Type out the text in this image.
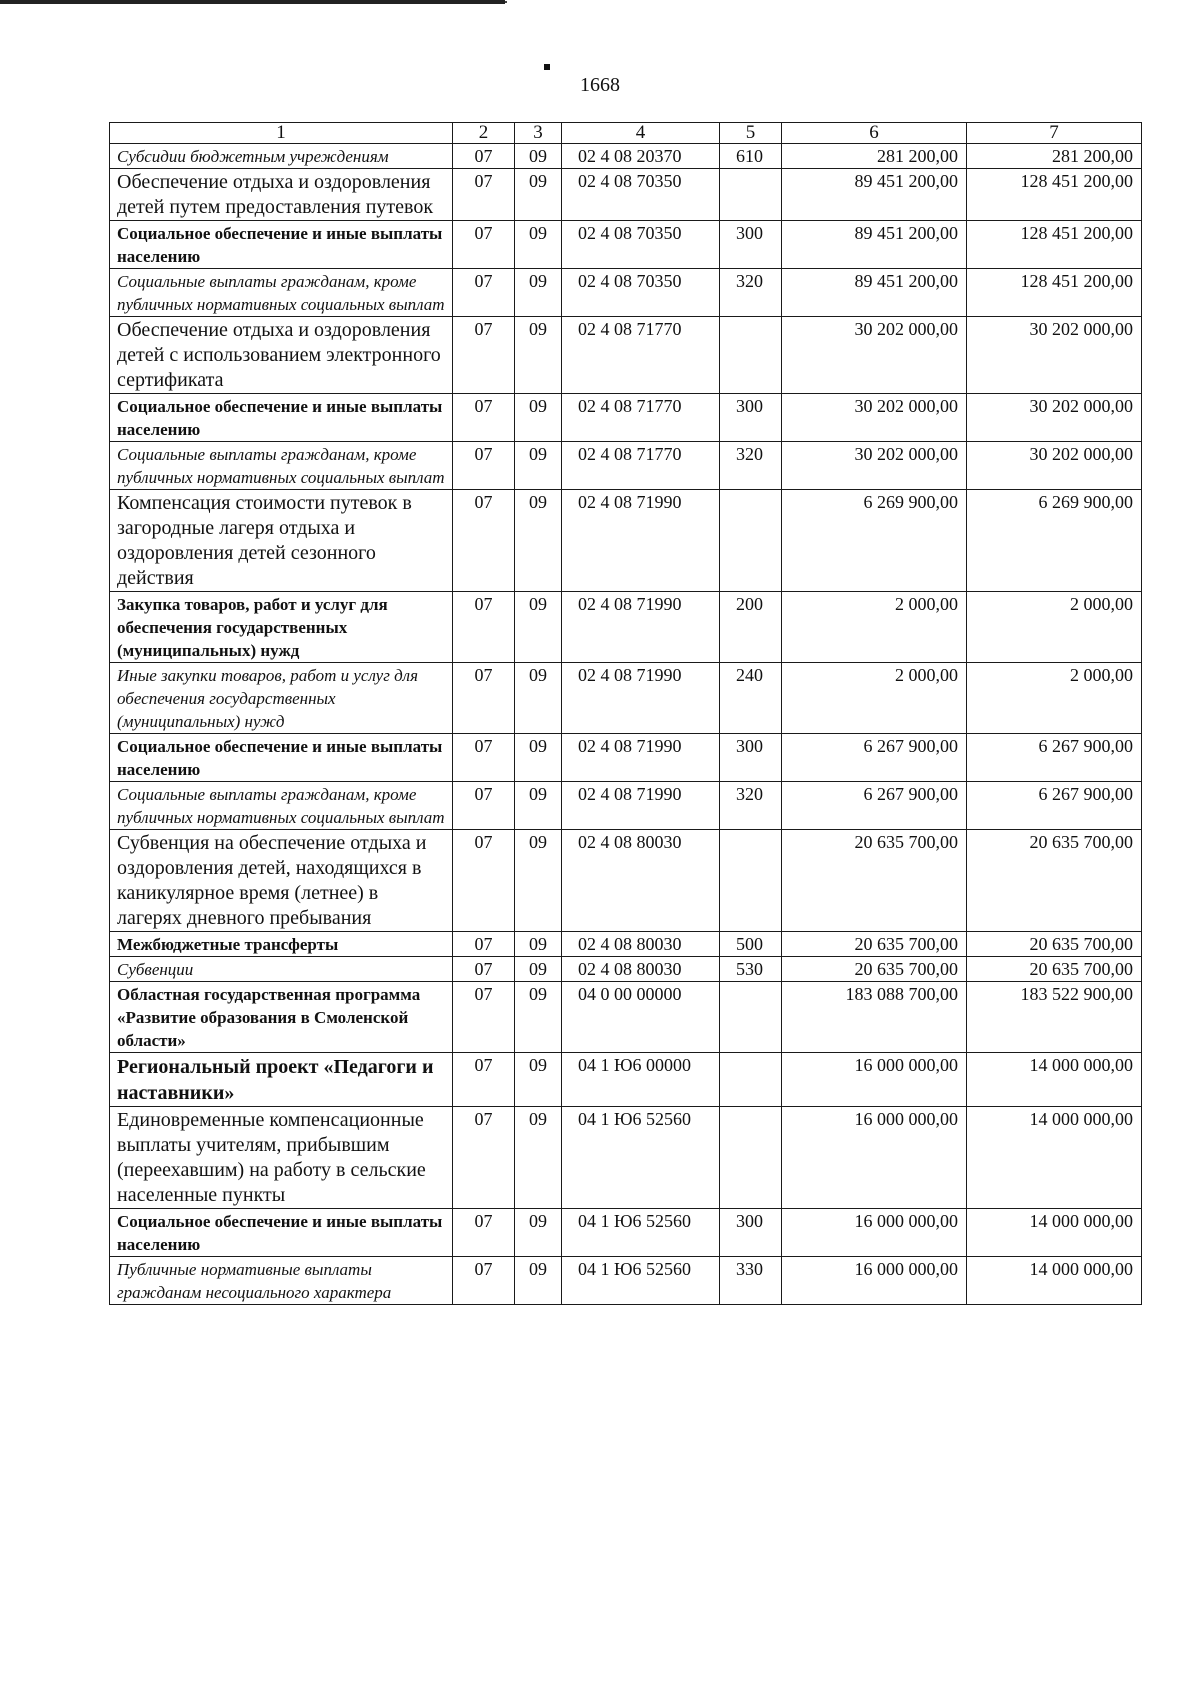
1668
1	2	3	4	5	6	7
Субсидии бюджетным учреждениям	07	09	02 4 08 20370	610	281 200,00	281 200,00
Обеспечение отдыха и оздоровления детей путем предоставления путевок	07	09	02 4 08 70350		89 451 200,00	128 451 200,00
Социальное обеспечение и иные выплаты населению	07	09	02 4 08 70350	300	89 451 200,00	128 451 200,00
Социальные выплаты гражданам, кроме публичных нормативных социальных выплат	07	09	02 4 08 70350	320	89 451 200,00	128 451 200,00
Обеспечение отдыха и оздоровления детей с использованием электронного сертификата	07	09	02 4 08 71770		30 202 000,00	30 202 000,00
Социальное обеспечение и иные выплаты населению	07	09	02 4 08 71770	300	30 202 000,00	30 202 000,00
Социальные выплаты гражданам, кроме публичных нормативных социальных выплат	07	09	02 4 08 71770	320	30 202 000,00	30 202 000,00
Компенсация стоимости путевок в загородные лагеря отдыха и оздоровления детей сезонного действия	07	09	02 4 08 71990		6 269 900,00	6 269 900,00
Закупка товаров, работ и услуг для обеспечения государственных (муниципальных) нужд	07	09	02 4 08 71990	200	2 000,00	2 000,00
Иные закупки товаров, работ и услуг для обеспечения государственных (муниципальных) нужд	07	09	02 4 08 71990	240	2 000,00	2 000,00
Социальное обеспечение и иные выплаты населению	07	09	02 4 08 71990	300	6 267 900,00	6 267 900,00
Социальные выплаты гражданам, кроме публичных нормативных социальных выплат	07	09	02 4 08 71990	320	6 267 900,00	6 267 900,00
Субвенция на обеспечение отдыха и оздоровления детей, находящихся в каникулярное время (летнее) в лагерях дневного пребывания	07	09	02 4 08 80030		20 635 700,00	20 635 700,00
Межбюджетные трансферты	07	09	02 4 08 80030	500	20 635 700,00	20 635 700,00
Субвенции	07	09	02 4 08 80030	530	20 635 700,00	20 635 700,00
Областная государственная программа «Развитие образования в Смоленской области»	07	09	04 0 00 00000		183 088 700,00	183 522 900,00
Региональный проект «Педагоги и наставники»	07	09	04 1 Ю6 00000		16 000 000,00	14 000 000,00
Единовременные компенсационные выплаты учителям, прибывшим (переехавшим) на работу в сельские населенные пункты	07	09	04 1 Ю6 52560		16 000 000,00	14 000 000,00
Социальное обеспечение и иные выплаты населению	07	09	04 1 Ю6 52560	300	16 000 000,00	14 000 000,00
Публичные нормативные выплаты гражданам несоциального характера	07	09	04 1 Ю6 52560	330	16 000 000,00	14 000 000,00
